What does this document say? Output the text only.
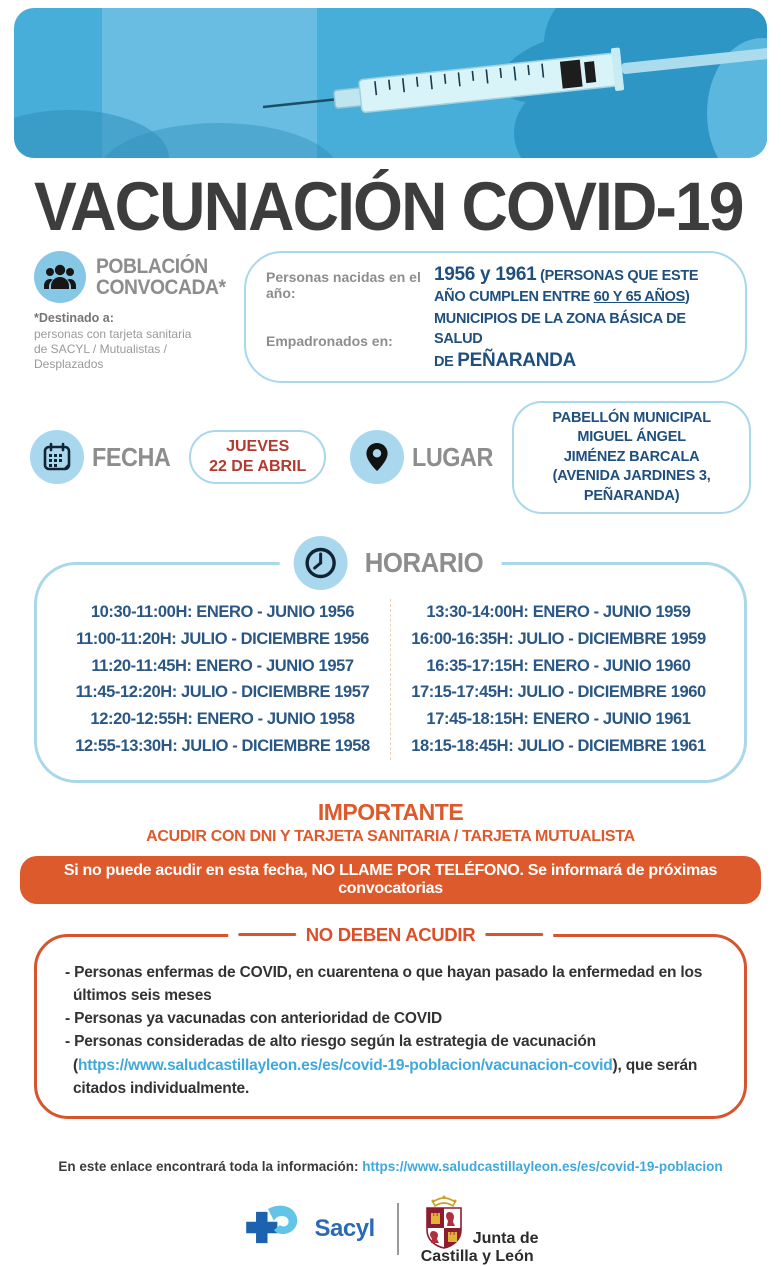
VACUNACIÓN COVID-19
POBLACIÓN
CONVOCADA*
*Destinado a:
personas con tarjeta sanitaria
de SACYL / Mutualistas / Desplazados
Personas nacidas en el año:
1956 y 1961 (PERSONAS QUE ESTE
AÑO CUMPLEN ENTRE 60 Y 65 AÑOS)
Empadronados en:
MUNICIPIOS DE LA ZONA BÁSICA DE SALUD
DE PEÑARANDA
FECHA	JUEVES
22 DE ABRIL	LUGAR
PABELLÓN MUNICIPAL MIGUEL ÁNGEL
JIMÉNEZ BARCALA
(AVENIDA JARDINES 3, PEÑARANDA)
HORARIO
10:30-11:00H: ENERO - JUNIO 1956
11:00-11:20H: JULIO - DICIEMBRE 1956
11:20-11:45H: ENERO - JUNIO 1957
11:45-12:20H: JULIO - DICIEMBRE 1957
12:20-12:55H: ENERO - JUNIO 1958
12:55-13:30H: JULIO - DICIEMBRE 1958
13:30-14:00H: ENERO - JUNIO 1959
16:00-16:35H: JULIO - DICIEMBRE 1959
16:35-17:15H: ENERO - JUNIO 1960
17:15-17:45H: JULIO - DICIEMBRE 1960
17:45-18:15H: ENERO - JUNIO 1961
18:15-18:45H: JULIO - DICIEMBRE 1961
IMPORTANTE
ACUDIR CON DNI Y TARJETA SANITARIA / TARJETA MUTUALISTA
Si no puede acudir en esta fecha, NO LLAME POR TELÉFONO. Se informará de próximas convocatorias
NO DEBEN ACUDIR
- Personas enfermas de COVID, en cuarentena o que hayan pasado la enfermedad en los últimos seis meses
- Personas ya vacunadas con anterioridad de COVID
- Personas consideradas de alto riesgo según la estrategia de vacunación (https://www.saludcastillayleon.es/es/covid-19-poblacion/vacunacion-covid), que serán citados individualmente.
En este enlace encontrará toda la información: https://www.saludcastillayleon.es/es/covid-19-poblacion
Sacyl	Junta de
Castilla y León
